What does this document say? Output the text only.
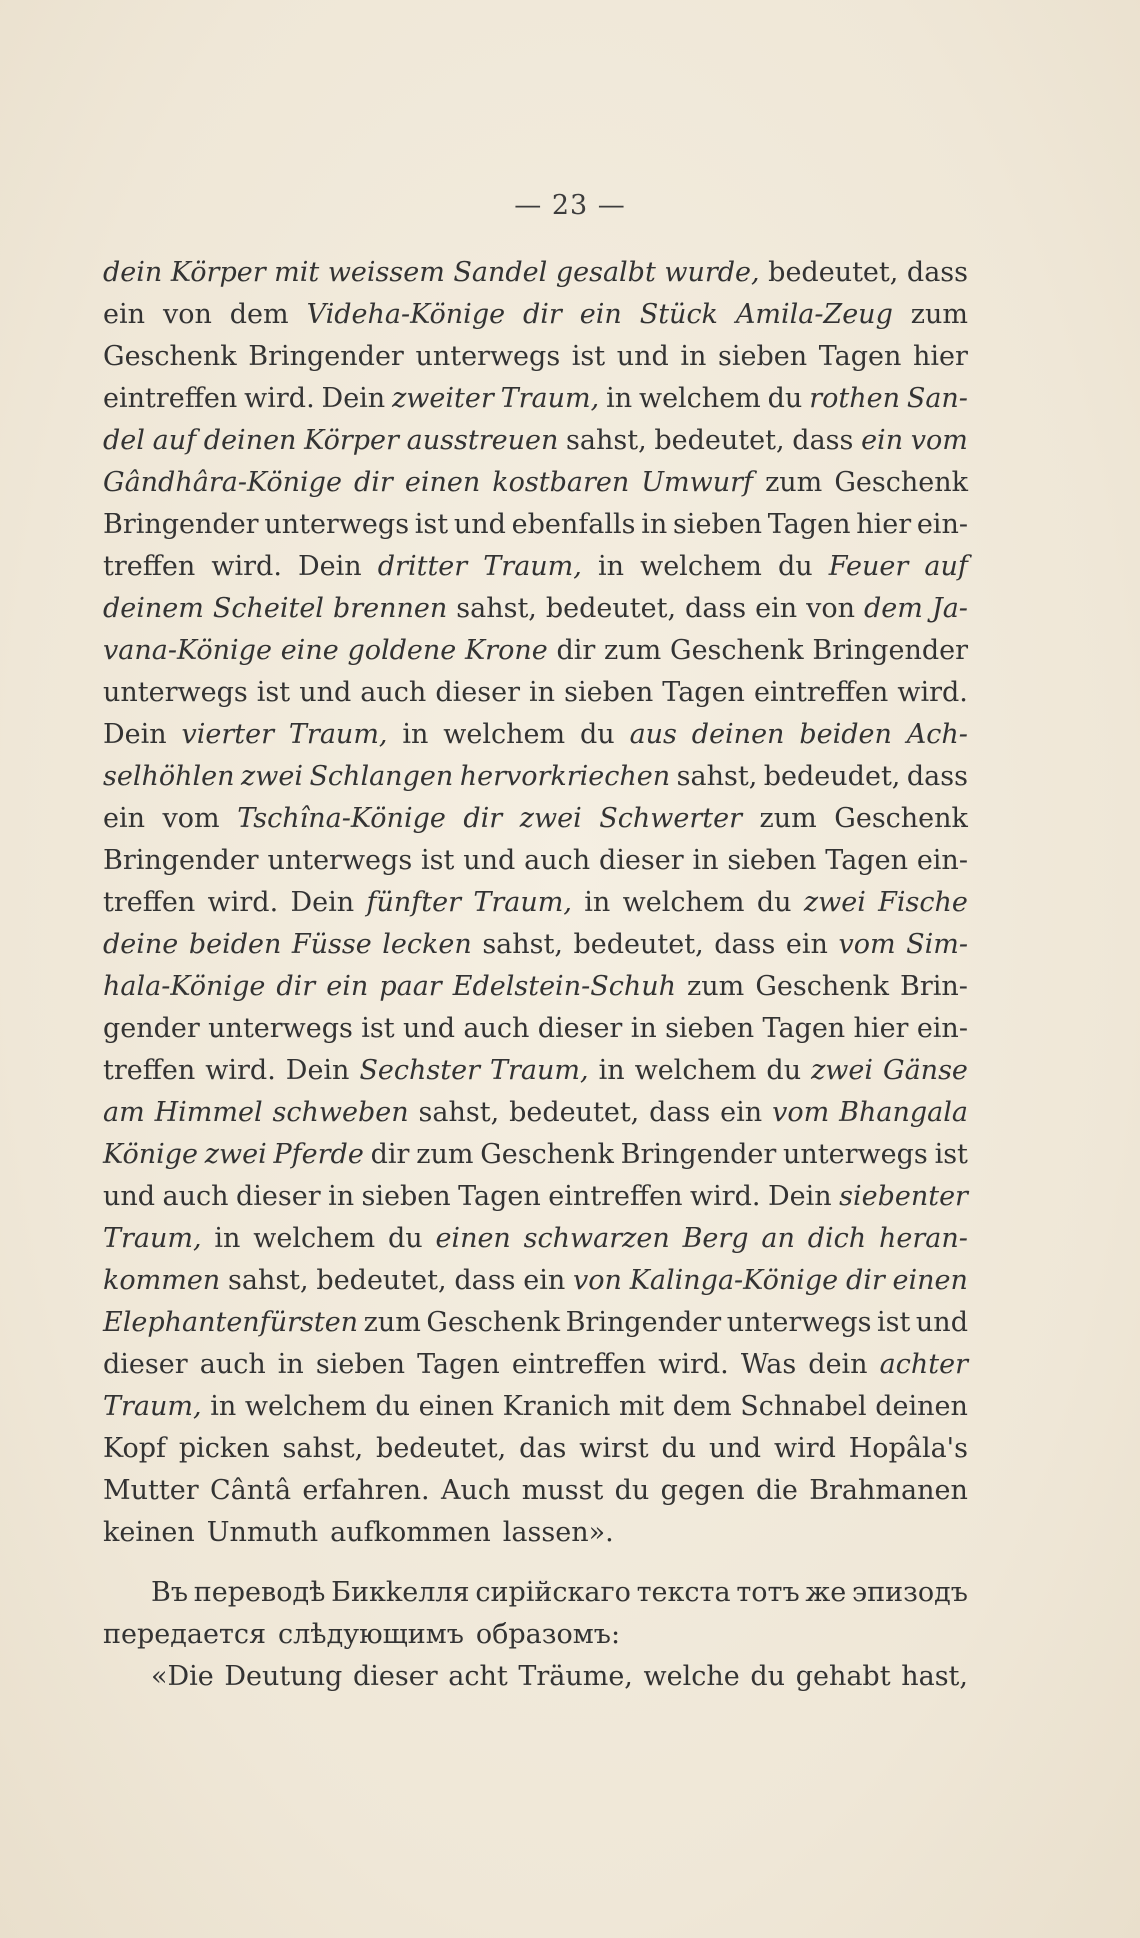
— 23 —
dein Körper mit weissem Sandel gesalbt wurde, bedeutet, dass
ein von dem Videha-Könige dir ein Stück Amila-Zeug zum
Geschenk Bringender unterwegs ist und in sieben Tagen hier
eintreffen wird. Dein zweiter Traum, in welchem du rothen San-
del auf deinen Körper ausstreuen sahst, bedeutet, dass ein vom
Gândhâra-Könige dir einen kostbaren Umwurf zum Geschenk
Bringender unterwegs ist und ebenfalls in sieben Tagen hier ein-
treffen wird. Dein dritter Traum, in welchem du Feuer auf
deinem Scheitel brennen sahst, bedeutet, dass ein von dem Ja-
vana-Könige eine goldene Krone dir zum Geschenk Bringender
unterwegs ist und auch dieser in sieben Tagen eintreffen wird.
Dein vierter Traum, in welchem du aus deinen beiden Ach-
selhöhlen zwei Schlangen hervorkriechen sahst, bedeudet, dass
ein vom Tschîna-Könige dir zwei Schwerter zum Geschenk
Bringender unterwegs ist und auch dieser in sieben Tagen ein-
treffen wird. Dein fünfter Traum, in welchem du zwei Fische
deine beiden Füsse lecken sahst, bedeutet, dass ein vom Sim-
hala-Könige dir ein paar Edelstein-Schuh zum Geschenk Brin-
gender unterwegs ist und auch dieser in sieben Tagen hier ein-
treffen wird. Dein Sechster Traum, in welchem du zwei Gänse
am Himmel schweben sahst, bedeutet, dass ein vom Bhangala
Könige zwei Pferde dir zum Geschenk Bringender unterwegs ist
und auch dieser in sieben Tagen eintreffen wird. Dein siebenter
Traum, in welchem du einen schwarzen Berg an dich heran-
kommen sahst, bedeutet, dass ein von Kalinga-Könige dir einen
Elephantenfürsten zum Geschenk Bringender unterwegs ist und
dieser auch in sieben Tagen eintreffen wird. Was dein achter
Traum, in welchem du einen Kranich mit dem Schnabel deinen
Kopf picken sahst, bedeutet, das wirst du und wird Hopâla's
Mutter Cântâ erfahren. Auch musst du gegen die Brahmanen
keinen Unmuth aufkommen lassen».
Въ переводѣ Бикkелля сирійскаго текста тотъ же эпизодъ
передается слѣдующимъ образомъ:
«Die Deutung dieser acht Träume, welche du gehabt hast,
